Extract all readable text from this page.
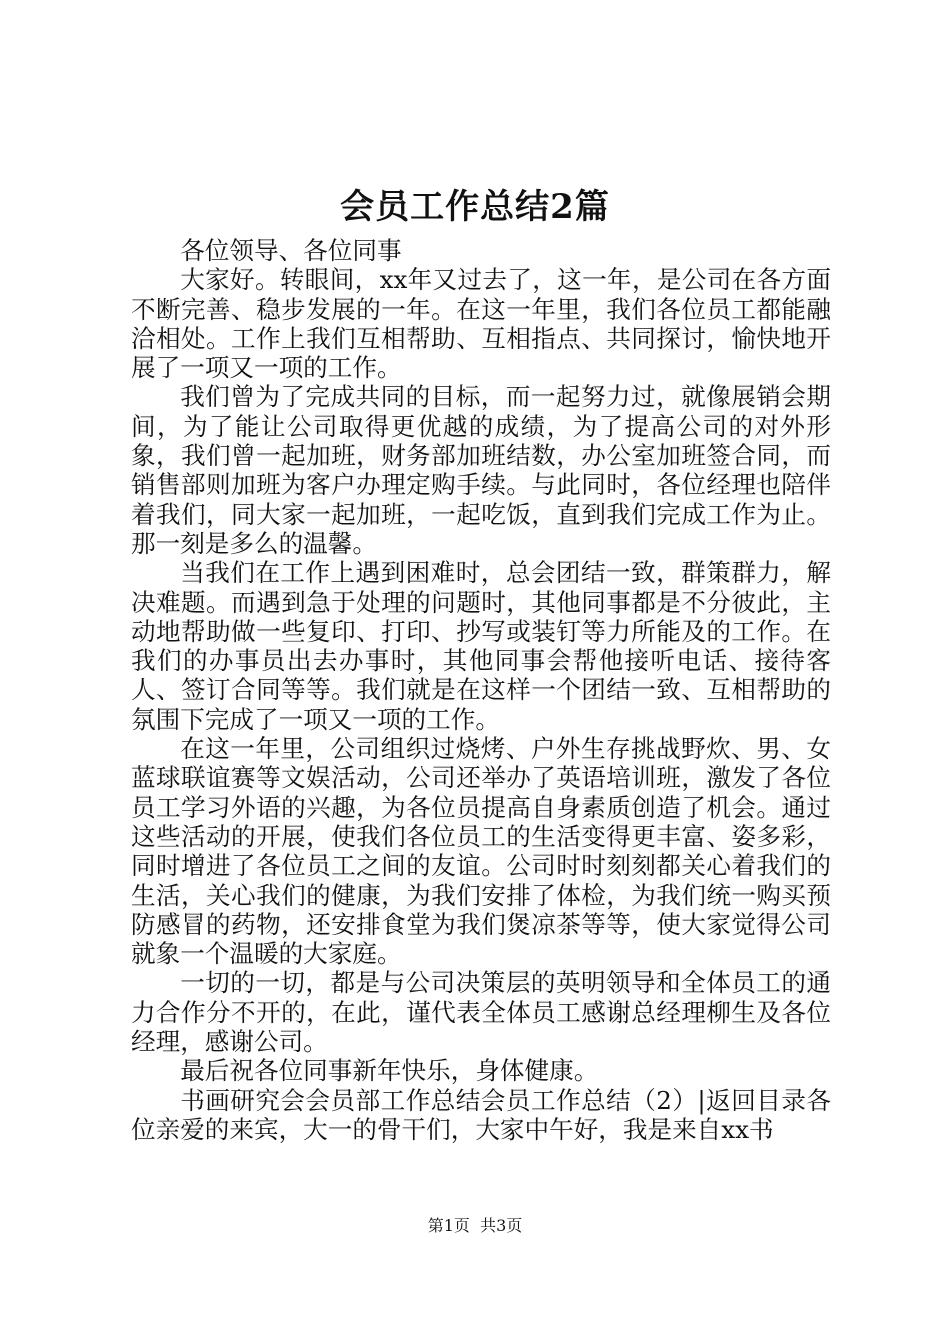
会员工作总结2篇

各位领导、各位同事

大家好。转眼间，xx年又过去了，这一年，是公司在各方面不断完善、稳步发展的一年。在这一年里，我们各位员工都能融洽相处。工作上我们互相帮助、互相指点、共同探讨，愉快地开展了一项又一项的工作。

我们曾为了完成共同的目标，而一起努力过，就像展销会期间，为了能让公司取得更优越的成绩，为了提高公司的对外形象，我们曾一起加班，财务部加班结数，办公室加班签合同，而销售部则加班为客户办理定购手续。与此同时，各位经理也陪伴着我们，同大家一起加班，一起吃饭，直到我们完成工作为止。那一刻是多么的温馨。

当我们在工作上遇到困难时，总会团结一致，群策群力，解决难题。而遇到急于处理的问题时，其他同事都是不分彼此，主动地帮助做一些复印、打印、抄写或装钉等力所能及的工作。在我们的办事员出去办事时，其他同事会帮他接听电话、接待客人、签订合同等等。我们就是在这样一个团结一致、互相帮助的氛围下完成了一项又一项的工作。

在这一年里，公司组织过烧烤、户外生存挑战野炊、男、女蓝球联谊赛等文娱活动，公司还举办了英语培训班，激发了各位员工学习外语的兴趣，为各位员提高自身素质创造了机会。通过这些活动的开展，使我们各位员工的生活变得更丰富、姿多彩，同时增进了各位员工之间的友谊。公司时时刻刻都关心着我们的生活，关心我们的健康，为我们安排了体检，为我们统一购买预防感冒的药物，还安排食堂为我们煲凉茶等等，使大家觉得公司就象一个温暖的大家庭。

一切的一切，都是与公司决策层的英明领导和全体员工的通力合作分不开的，在此，谨代表全体员工感谢总经理柳生及各位经理，感谢公司。

最后祝各位同事新年快乐，身体健康。

书画研究会会员部工作总结会员工作总结（2）|返回目录各位亲爱的来宾，大一的骨干们，大家中午好，我是来自xx书

第1页  共3页
